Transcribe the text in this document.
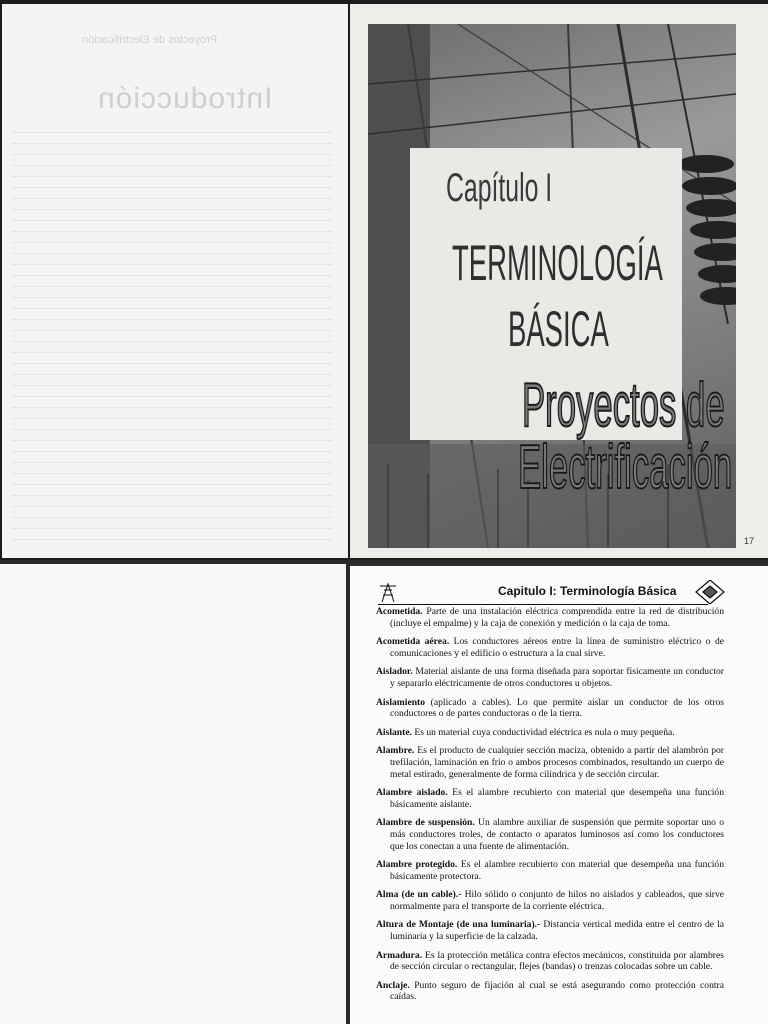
Proyectos de Electrificación
Introducción
Capítulo I
TERMINOLOGÍA
BÁSICA
Proyectos de
Electrificación
17
Capitulo I: Terminología Básica
Acometida. Parte de una instalación eléctrica comprendida entre la red de distribución (incluye el empalme) y la caja de conexión y medición o la caja de toma.
Acometida aérea. Los conductores aéreos entre la línea de suministro eléctrico o de comunicaciones y el edificio o estructura a la cual sirve.
Aislador. Material aislante de una forma diseñada para soportar físicamente un conductor y separarlo eléctricamente de otros conductores u objetos.
Aislamiento (aplicado a cables). Lo que permite aislar un conductor de los otros conductores o de partes conductoras o de la tierra.
Aislante. Es un material cuya conductividad eléctrica es nula o muy pequeña.
Alambre. Es el producto de cualquier sección maciza, obtenido a partir del alambrón por trefilación, laminación en frío o ambos procesos combinados, resultando un cuerpo de metal estirado, generalmente de forma cilíndrica y de sección circular.
Alambre aislado. Es el alambre recubierto con material que desempeña una función básicamente aislante.
Alambre de suspensión. Un alambre auxiliar de suspensión que permite soportar uno o más conductores troles, de contacto o aparatos luminosos así como los conductores que los conectan a una fuente de alimentación.
Alambre protegido. Es el alambre recubierto con material que desempeña una función básicamente protectora.
Alma (de un cable).- Hilo sólido o conjunto de hilos no aislados y cableados, que sirve normalmente para el transporte de la corriente eléctrica.
Altura de Montaje (de una luminaria).- Distancia vertical medida entre el centro de la luminaria y la superficie de la calzada.
Armadura. Es la protección metálica contra efectos mecánicos, constituida por alambres de sección circular o rectangular, flejes (bandas) o trenzas colocadas sobre un cable.
Anclaje. Punto seguro de fijación al cual se está asegurando como protección contra caídas.
